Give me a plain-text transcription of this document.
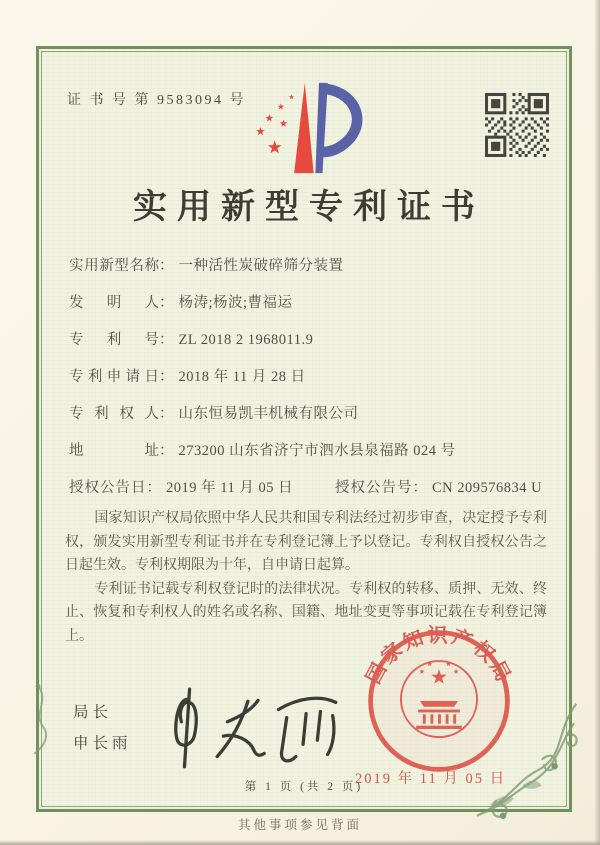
证 书 号 第 9583094 号
实用新型专利证书
实用新型名称 ： 一种活性炭破碎筛分装置
发明人 ： 杨涛;杨波;曹福运
专利号 ： ZL 2018 2 1968011.9
专利申请日 ： 2018 年 11 月 28 日
专利权人 ： 山东恒易凯丰机械有限公司
地址 ： 273200 山东省济宁市泗水县泉福路 024 号
授权公告日 ： 2019 年 11 月 05 日	授权公告号 ： CN 209576834 U

国家知识产权局依照中华人民共和国专利法经过初步审查，决定授予专利权，颁发实用新型专利证书并在专利登记簿上予以登记。专利权自授权公告之日起生效。专利权期限为十年，自申请日起算。

专利证书记载专利权登记时的法律状况。专利权的转移、质押、无效、终止、恢复和专利权人的姓名或名称、国籍、地址变更等事项记载在专利登记簿上。

局长
申长雨
国家知识产权局
2019 年 11 月 05 日
第 1 页 (共 2 页)
其他事项参见背面
